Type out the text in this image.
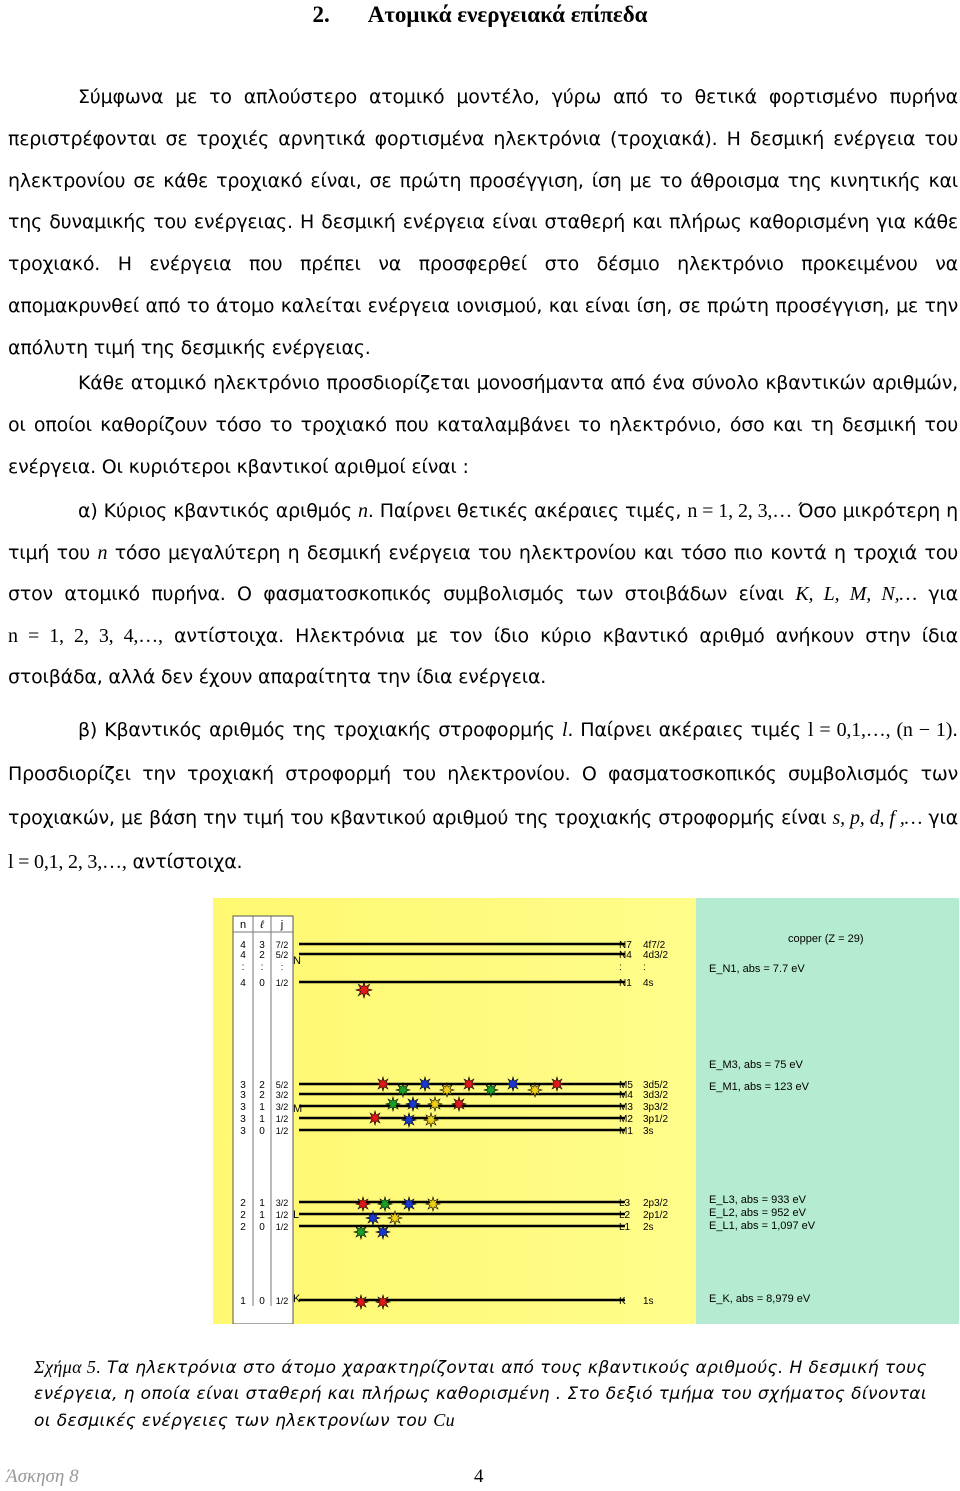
2. Ατομικά ενεργειακά επίπεδα

Σύμφωνα με το απλούστερο ατομικό μοντέλο, γύρω από το θετικά φορτισμένο πυρήνα περιστρέφονται σε τροχιές αρνητικά φορτισμένα ηλεκτρόνια (τροχιακά). Η δεσμική ενέργεια του ηλεκτρονίου σε κάθε τροχιακό είναι, σε πρώτη προσέγγιση, ίση με το άθροισμα της κινητικής και της δυναμικής του ενέργειας. Η δεσμική ενέργεια είναι σταθερή και πλήρως καθορισμένη για κάθε τροχιακό. Η ενέργεια που πρέπει να προσφερθεί στο δέσμιο ηλεκτρόνιο προκειμένου να απομακρυνθεί από το άτομο καλείται ενέργεια ιονισμού, και είναι ίση, σε πρώτη προσέγγιση, με την απόλυτη τιμή της δεσμικής ενέργειας.

Κάθε ατομικό ηλεκτρόνιο προσδιορίζεται μονοσήμαντα από ένα σύνολο κβαντικών αριθμών, οι οποίοι καθορίζουν τόσο το τροχιακό που καταλαμβάνει το ηλεκτρόνιο, όσο και τη δεσμική του ενέργεια. Οι κυριότεροι κβαντικοί αριθμοί είναι :

α) Κύριος κβαντικός αριθμός n. Παίρνει θετικές ακέραιες τιμές, n = 1, 2, 3,… Όσο μικρότερη η τιμή του n τόσο μεγαλύτερη η δεσμική ενέργεια του ηλεκτρονίου και τόσο πιο κοντά η τροχιά του στον ατομικό πυρήνα. Ο φασματοσκοπικός συμβολισμός των στοιβάδων είναι K, L, M, N,… για n = 1, 2, 3, 4,…, αντίστοιχα. Ηλεκτρόνια με τον ίδιο κύριο κβαντικό αριθμό ανήκουν στην ίδια στοιβάδα, αλλά δεν έχουν απαραίτητα την ίδια ενέργεια.

β) Κβαντικός αριθμός της τροχιακής στροφορμής l. Παίρνει ακέραιες τιμές l = 0,1,…, (n − 1). Προσδιορίζει την τροχιακή στροφορμή του ηλεκτρονίου. Ο φασματοσκοπικός συμβολισμός των τροχιακών, με βάση την τιμή του κβαντικού αριθμού της τροχιακής στροφορμής είναι s, p, d, f ,… για l = 0,1, 2, 3,…, αντίστοιχα.

n ℓ j
4 3 7/2	N7 4f7/2
4 2 5/2	N4 4d3/2
: : :	: :
4 0 1/2	N1 4s
N
E_N1, abs = 7.7 eV
3 2 5/2	M5 3d5/2
3 2 3/2	M4 3d3/2
3 1 3/2	M3 3p3/2
3 1 1/2	M2 3p1/2
3 0 1/2	M1 3s
M
E_M3, abs = 75 eV
E_M1, abs = 123 eV
2 1 3/2	L3 2p3/2
2 1 1/2	L2 2p1/2
2 0 1/2	L1 2s
L
E_L3, abs = 933 eV
E_L2, abs = 952 eV
E_L1, abs = 1,097 eV
1 0 1/2	K 1s
K	E_K, abs = 8,979 eV
copper (Z = 29)
Σχήμα 5. Τα ηλεκτρόνια στο άτομο χαρακτηρίζονται από τους κβαντικούς αριθμούς. Η δεσμική τους ενέργεια, η οποία είναι σταθερή και πλήρως καθορισμένη . Στο δεξιό τμήμα του σχήματος δίνονται οι δεσμικές ενέργειες των ηλεκτρονίων του Cu
Άσκηση 8	4
